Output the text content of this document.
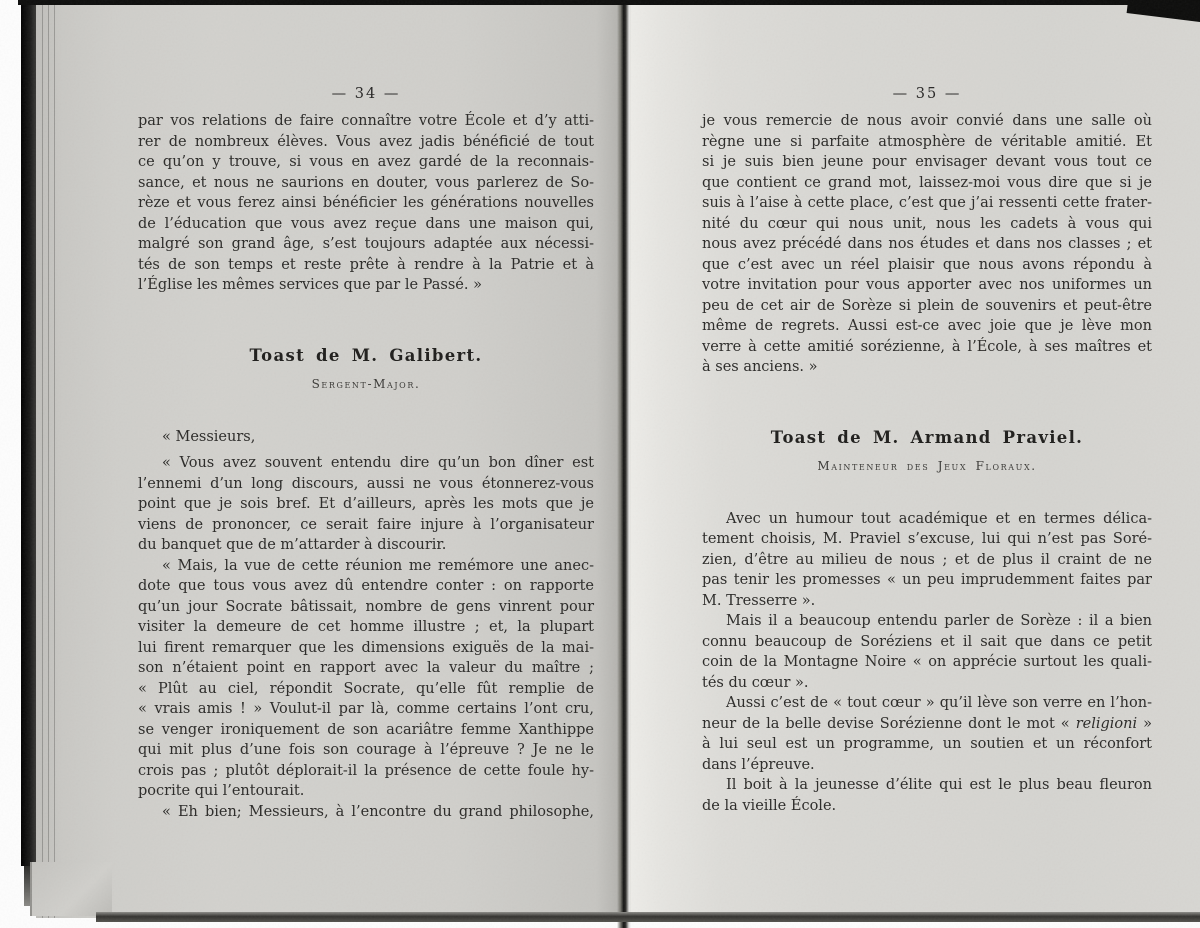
— 34 —
par vos relations de faire connaître votre École et d’y atti-
rer de nombreux élèves. Vous avez jadis bénéficié de tout
ce qu’on y trouve, si vous en avez gardé de la reconnais-
sance, et nous ne saurions en douter, vous parlerez de So-
rèze et vous ferez ainsi bénéficier les générations nouvelles
de l’éducation que vous avez reçue dans une maison qui,
malgré son grand âge, s’est toujours adaptée aux nécessi-
tés de son temps et reste prête à rendre à la Patrie et à
l’Église les mêmes services que par le Passé. »
Toast de M. Galibert.
Sergent-Major.
« Messieurs,
« Vous avez souvent entendu dire qu’un bon dîner est
l’ennemi d’un long discours, aussi ne vous étonnerez-vous
point que je sois bref. Et d’ailleurs, après les mots que je
viens de prononcer, ce serait faire injure à l’organisateur
du banquet que de m’attarder à discourir.
« Mais, la vue de cette réunion me remémore une anec-
dote que tous vous avez dû entendre conter : on rapporte
qu’un jour Socrate bâtissait, nombre de gens vinrent pour
visiter la demeure de cet homme illustre ; et, la plupart
lui firent remarquer que les dimensions exiguës de la mai-
son n’étaient point en rapport avec la valeur du maître ;
« Plût au ciel, répondit Socrate, qu’elle fût remplie de
« vrais amis ! » Voulut-il par là, comme certains l’ont cru,
se venger ironiquement de son acariâtre femme Xanthippe
qui mit plus d’une fois son courage à l’épreuve ? Je ne le
crois pas ; plutôt déplorait-il la présence de cette foule hy-
pocrite qui l’entourait.
« Eh bien; Messieurs, à l’encontre du grand philosophe,
— 35 —
je vous remercie de nous avoir convié dans une salle où
règne une si parfaite atmosphère de véritable amitié. Et
si je suis bien jeune pour envisager devant vous tout ce
que contient ce grand mot, laissez-moi vous dire que si je
suis à l’aise à cette place, c’est que j’ai ressenti cette frater-
nité du cœur qui nous unit, nous les cadets à vous qui
nous avez précédé dans nos études et dans nos classes ; et
que c’est avec un réel plaisir que nous avons répondu à
votre invitation pour vous apporter avec nos uniformes un
peu de cet air de Sorèze si plein de souvenirs et peut-être
même de regrets. Aussi est-ce avec joie que je lève mon
verre à cette amitié sorézienne, à l’École, à ses maîtres et
à ses anciens. »
Toast de M. Armand Praviel.
Mainteneur des Jeux Floraux.
Avec un humour tout académique et en termes délica-
tement choisis, M. Praviel s’excuse, lui qui n’est pas Soré-
zien, d’être au milieu de nous ; et de plus il craint de ne
pas tenir les promesses « un peu imprudemment faites par
M. Tresserre ».
Mais il a beaucoup entendu parler de Sorèze : il a bien
connu beaucoup de Soréziens et il sait que dans ce petit
coin de la Montagne Noire « on apprécie surtout les quali-
tés du cœur ».
Aussi c’est de « tout cœur » qu’il lève son verre en l’hon-
neur de la belle devise Sorézienne dont le mot « religioni »
à lui seul est un programme, un soutien et un réconfort
dans l’épreuve.
Il boit à la jeunesse d’élite qui est le plus beau fleuron
de la vieille École.
